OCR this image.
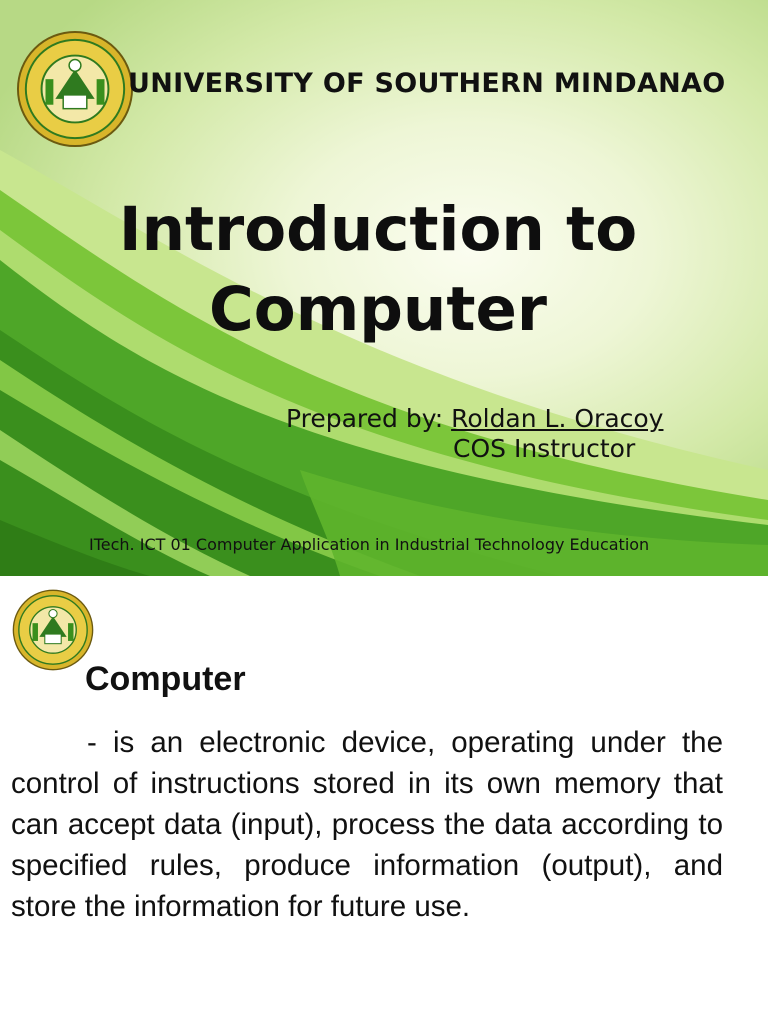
UNIVERSITY OF SOUTHERN MINDANAO
Introduction to
Computer
Prepared by: Roldan L. Oracoy
COS Instructor
ITech. ICT 01 Computer Application in Industrial Technology Education
Computer

- is an electronic device, operating under the control of instructions stored in its own memory that can accept data (input), process the data according to specified rules, produce information (output), and store the information for future use.
